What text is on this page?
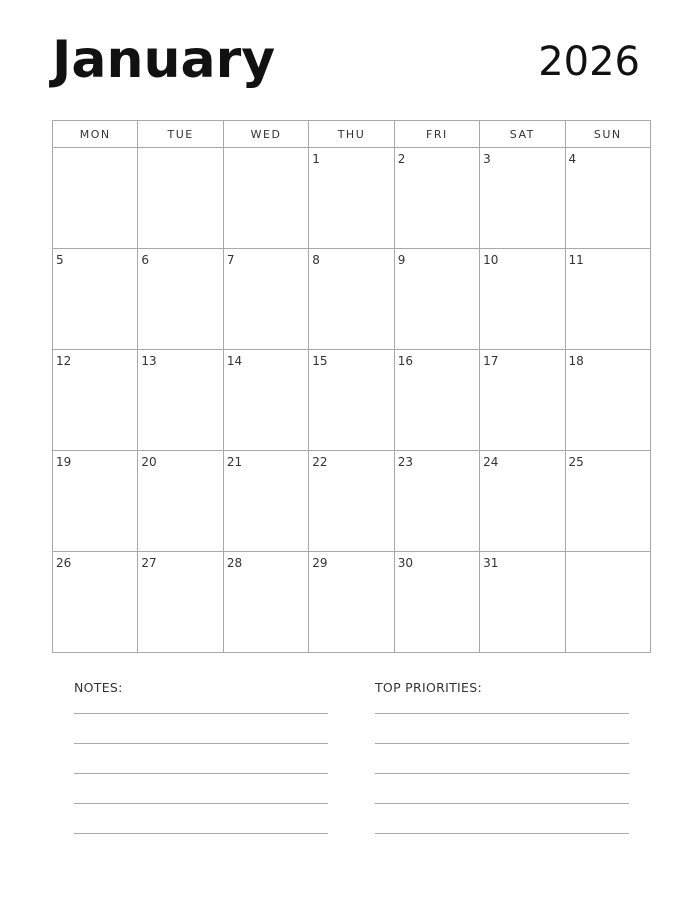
January	2026
MON	TUE	WED	THU	FRI	SAT	SUN

			1	2	3	4

5	6	7	8	9	10	11

12	13	14	15	16	17	18

19	20	21	22	23	24	25

26	27	28	29	30	31	

NOTES:	TOP PRIORITIES:
